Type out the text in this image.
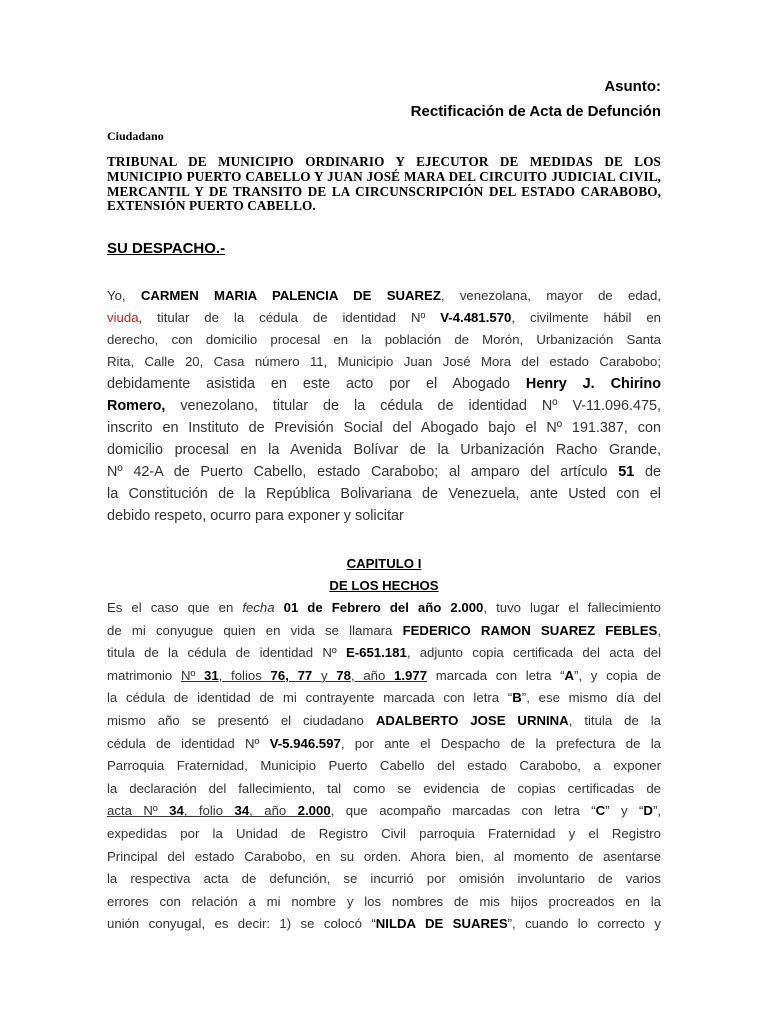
Asunto:
Rectificación de Acta de Defunción
Ciudadano
TRIBUNAL DE MUNICIPIO ORDINARIO Y EJECUTOR DE MEDIDAS DE LOS MUNICIPIO PUERTO CABELLO Y JUAN JOSÉ MARA DEL CIRCUITO JUDICIAL CIVIL, MERCANTIL Y DE TRANSITO DE LA CIRCUNSCRIPCIÓN DEL ESTADO CARABOBO, EXTENSIÓN PUERTO CABELLO.
SU DESPACHO.-
Yo, CARMEN MARIA PALENCIA DE SUAREZ, venezolana, mayor de edad,
viuda, titular de la cédula de identidad Nº V-4.481.570, civilmente hábil en
derecho, con domicilio procesal en la población de Morón, Urbanización Santa
Rita, Calle 20, Casa número 11, Municipio Juan José Mora del estado Carabobo;
debidamente asistida en este acto por el Abogado Henry J. Chirino
Romero, venezolano, titular de la cédula de identidad Nº V-11.096.475,
inscrito en Instituto de Previsión Social del Abogado bajo el Nº 191.387, con
domicilio procesal en la Avenida Bolívar de la Urbanización Racho Grande,
Nº 42-A de Puerto Cabello, estado Carabobo; al amparo del artículo 51 de
la Constitución de la República Bolivariana de Venezuela, ante Usted con el
debido respeto, ocurro para exponer y solicitar
CAPITULO I
DE LOS HECHOS
Es el caso que en fecha 01 de Febrero del año 2.000, tuvo lugar el fallecimiento
de mi conyugue quien en vida se llamara FEDERICO RAMON SUAREZ FEBLES,
titula de la cédula de identidad Nº E-651.181, adjunto copia certificada del acta del
matrimonio Nº 31, folios 76, 77 y 78, año 1.977 marcada con letra “A”, y copia de
la cédula de identidad de mi contrayente marcada con letra “B”, ese mismo día del
mismo año se presentó el ciudadano ADALBERTO JOSE URNINA, titula de la
cédula de identidad Nº V-5.946.597, por ante el Despacho de la prefectura de la
Parroquia Fraternidad, Municipio Puerto Cabello del estado Carabobo, a exponer
la declaración del fallecimiento, tal como se evidencia de copias certificadas de
acta Nº 34, folio 34, año 2.000, que acompaño marcadas con letra “C” y “D”,
expedidas por la Unidad de Registro Civil parroquia Fraternidad y el Registro
Principal del estado Carabobo, en su orden. Ahora bien, al momento de asentarse
la respectiva acta de defunción, se incurrió por omisión involuntario de varios
errores con relación a mi nombre y los nombres de mis hijos procreados en la
unión conyugal, es decir: 1) se colocó “NILDA DE SUARES”, cuando lo correcto y
